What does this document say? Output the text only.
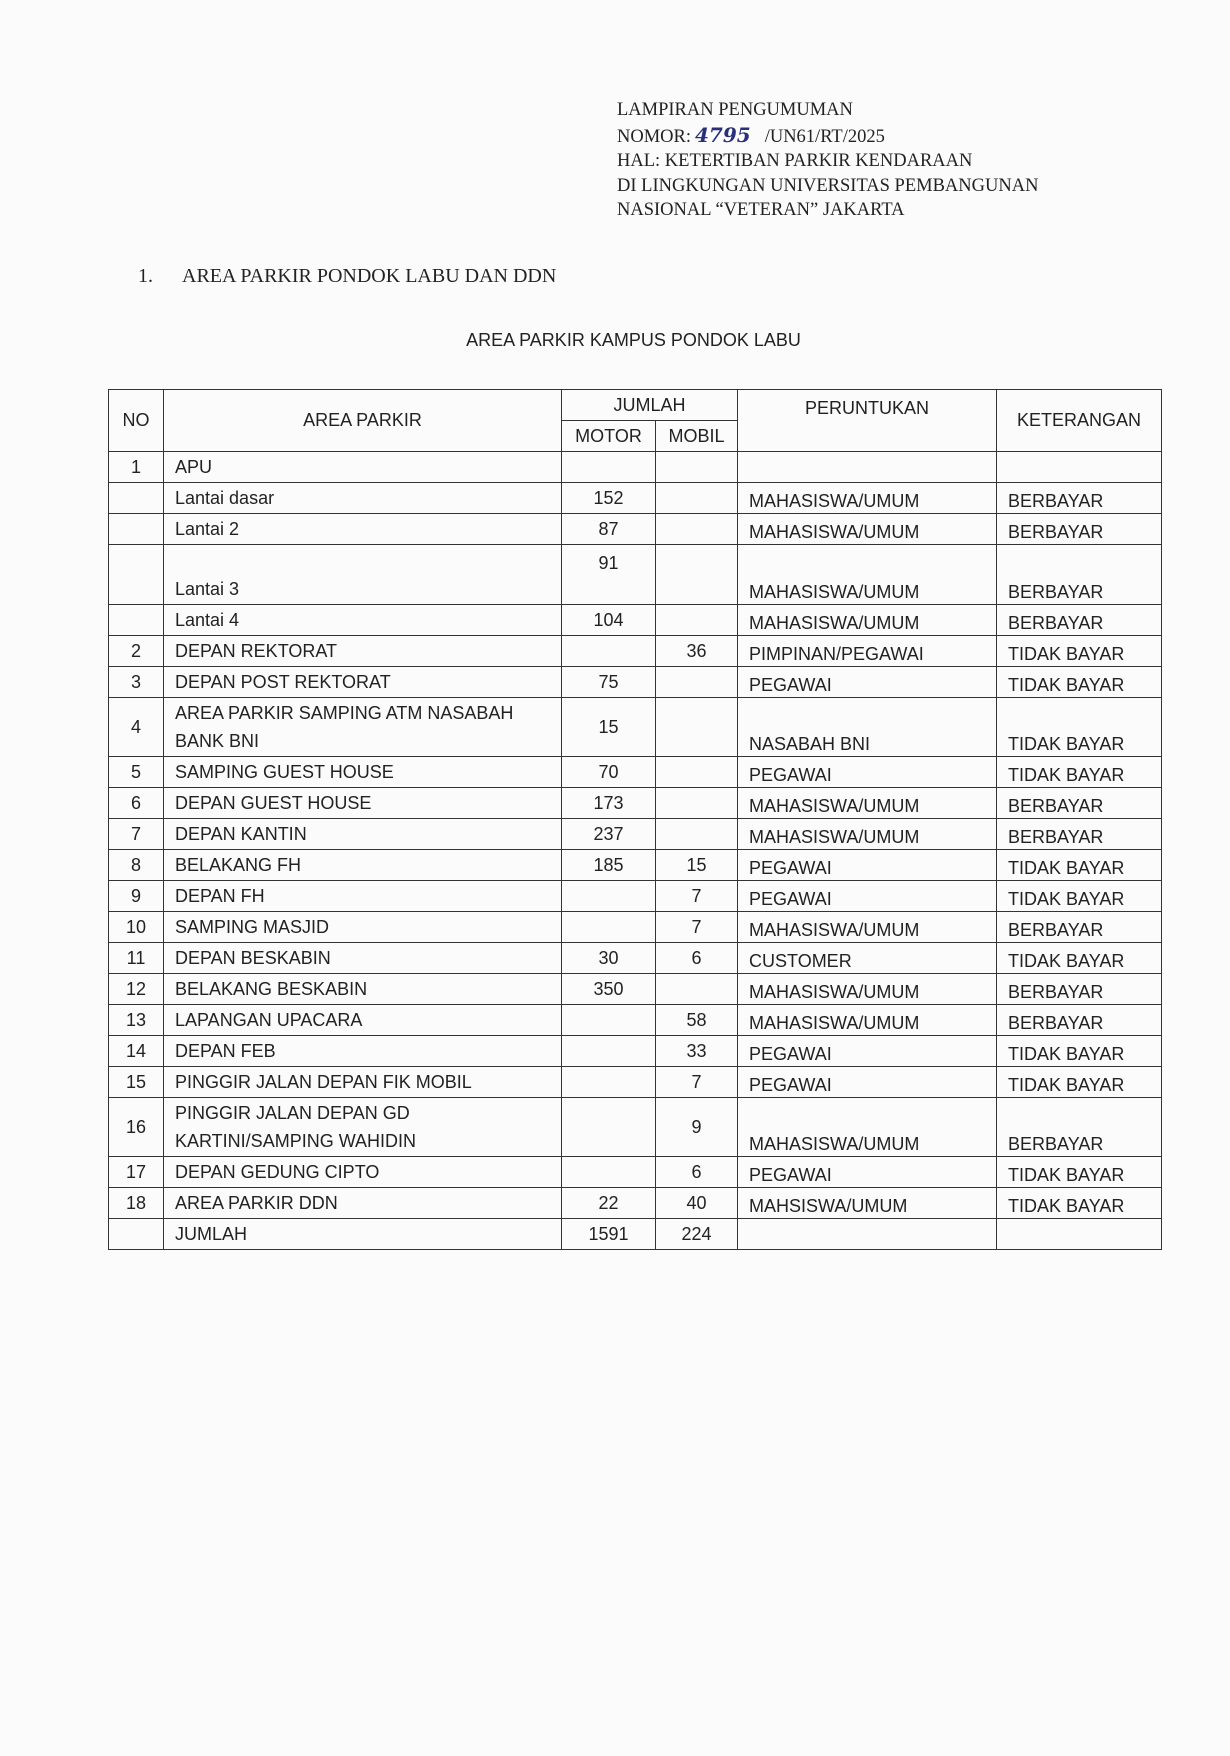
LAMPIRAN PENGUMUMAN
NOMOR: 4795 /UN61/RT/2025
HAL: KETERTIBAN PARKIR KENDARAAN
DI LINGKUNGAN UNIVERSITAS PEMBANGUNAN
NASIONAL “VETERAN” JAKARTA
1. AREA PARKIR PONDOK LABU DAN DDN
AREA PARKIR KAMPUS PONDOK LABU
NO	AREA PARKIR	JUMLAH		PERUNTUKAN	KETERANGAN
		MOTOR	MOBIL		
1	APU				
	Lantai dasar	152		MAHASISWA/UMUM	BERBAYAR
	Lantai 2	87		MAHASISWA/UMUM	BERBAYAR
	Lantai 3	91		MAHASISWA/UMUM	BERBAYAR
	Lantai 4	104		MAHASISWA/UMUM	BERBAYAR
2	DEPAN REKTORAT		36	PIMPINAN/PEGAWAI	TIDAK BAYAR
3	DEPAN POST REKTORAT	75		PEGAWAI	TIDAK BAYAR
4	AREA PARKIR SAMPING ATM NASABAH
BANK BNI	15		NASABAH BNI	TIDAK BAYAR
5	SAMPING GUEST HOUSE	70		PEGAWAI	TIDAK BAYAR
6	DEPAN GUEST HOUSE	173		MAHASISWA/UMUM	BERBAYAR
7	DEPAN KANTIN	237		MAHASISWA/UMUM	BERBAYAR
8	BELAKANG FH	185	15	PEGAWAI	TIDAK BAYAR
9	DEPAN FH		7	PEGAWAI	TIDAK BAYAR
10	SAMPING MASJID		7	MAHASISWA/UMUM	BERBAYAR
11	DEPAN BESKABIN	30	6	CUSTOMER	TIDAK BAYAR
12	BELAKANG BESKABIN	350		MAHASISWA/UMUM	BERBAYAR
13	LAPANGAN UPACARA		58	MAHASISWA/UMUM	BERBAYAR
14	DEPAN FEB		33	PEGAWAI	TIDAK BAYAR
15	PINGGIR JALAN DEPAN FIK MOBIL		7	PEGAWAI	TIDAK BAYAR
16	PINGGIR JALAN DEPAN GD
KARTINI/SAMPING WAHIDIN		9	MAHASISWA/UMUM	BERBAYAR
17	DEPAN GEDUNG CIPTO		6	PEGAWAI	TIDAK BAYAR
18	AREA PARKIR DDN	22	40	MAHSISWA/UMUM	TIDAK BAYAR
	JUMLAH	1591	224		
